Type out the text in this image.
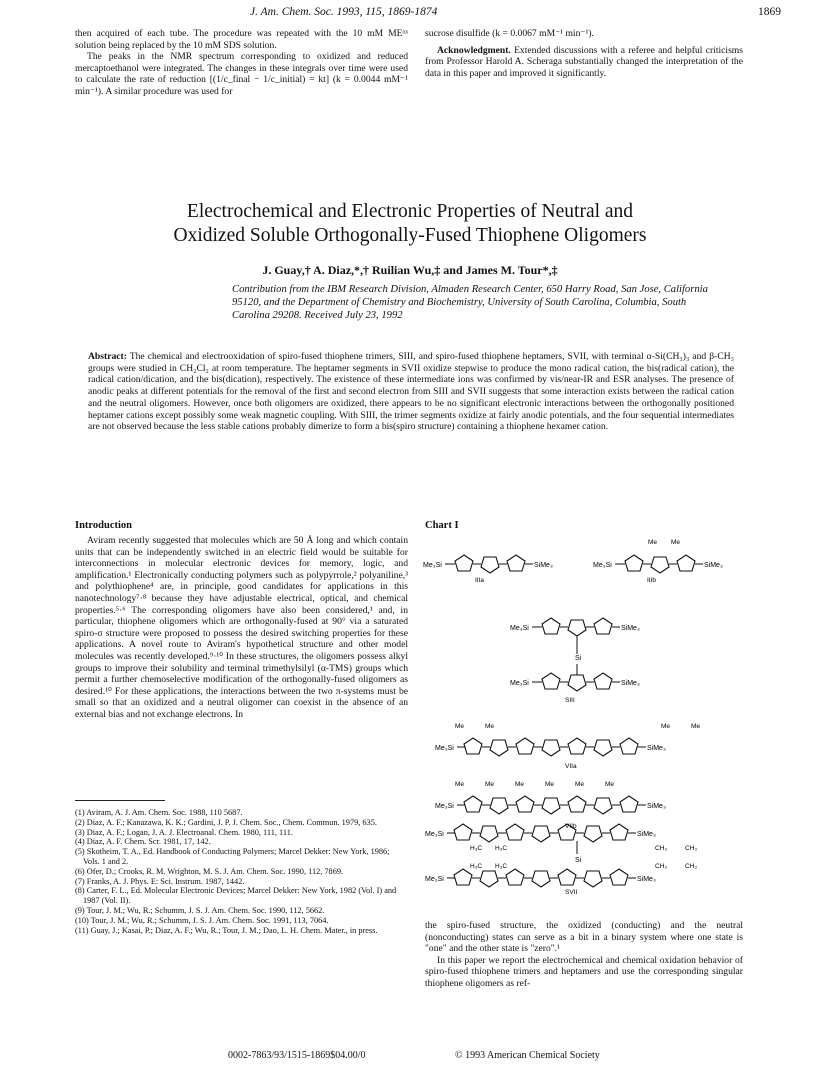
J. Am. Chem. Soc. 1993, 115, 1869-1874	1869

then acquired of each tube. The procedure was repeated with the 10 mM MEᵒˣ solution being replaced by the 10 mM SDS solution.

The peaks in the NMR spectrum corresponding to oxidized and reduced mercaptoethanol were integrated. The changes in these integrals over time were used to calculate the rate of reduction [(1/c_final − 1/c_initial) = kt] (k = 0.0044 mM⁻¹ min⁻¹). A similar procedure was used for

sucrose disulfide (k = 0.0067 mM⁻¹ min⁻¹).

Acknowledgment. Extended discussions with a referee and helpful criticisms from Professor Harold A. Scheraga substantially changed the interpretation of the data in this paper and improved it significantly.

Electrochemical and Electronic Properties of Neutral and Oxidized Soluble Orthogonally-Fused Thiophene Oligomers
J. Guay,† A. Diaz,*,† Ruilian Wu,‡ and James M. Tour*,‡
Contribution from the IBM Research Division, Almaden Research Center, 650 Harry Road, San Jose, California 95120, and the Department of Chemistry and Biochemistry, University of South Carolina, Columbia, South Carolina 29208. Received July 23, 1992
Abstract: The chemical and electrooxidation of spiro-fused thiophene trimers, SIII, and spiro-fused thiophene heptamers, SVII, with terminal α-Si(CH₃)₃ and β-CH₃ groups were studied in CH₂Cl₂ at room temperature. The heptamer segments in SVII oxidize stepwise to produce the mono radical cation, the bis(radical cation), the radical cation/dication, and the bis(dication), respectively. The existence of these intermediate ions was confirmed by vis/near-IR and ESR analyses. The presence of anodic peaks at different potentials for the removal of the first and second electron from SIII and SVII suggests that some interaction exists between the radical cation and the neutral oligomers. However, once both oligomers are oxidized, there appears to be no significant electronic interactions between the orthogonally positioned heptamer cations except possibly some weak magnetic coupling. With SIII, the trimer segments oxidize at fairly anodic potentials, and the four sequential intermediates are not observed because the less stable cations probably dimerize to form a bis(spiro structure) containing a thiophene hexamer cation.
Introduction

Aviram recently suggested that molecules which are 50 Å long and which contain units that can be independently switched in an electric field would be suitable for interconnections in molecular electronic devices for memory, logic, and amplification.¹ Electronically conducting polymers such as polypyrrole,² polyaniline,³ and polythiophene⁴ are, in principle, good candidates for applications in this nanotechnology⁷·⁸ because they have adjustable electrical, optical, and chemical properties.⁵·⁶ The corresponding oligomers have also been considered,¹ and, in particular, thiophene oligomers which are orthogonally-fused at 90° via a saturated spiro-σ structure were proposed to possess the desired switching properties for these applications. A novel route to Aviram's hypothetical structure and other model molecules was recently developed.⁹·¹⁰ In these structures, the oligomers possess alkyl groups to improve their solubility and terminal trimethylsilyl (α-TMS) groups which permit a further chemoselective modification of the orthogonally-fused oligomers as desired.¹⁰ For these applications, the interactions between the two π-systems must be small so that an oxidized and a neutral oligomer can coexist in the absence of an external bias and not exchange electrons. In

(1) Aviram, A. J. Am. Chem. Soc. 1988, 110 5687.

(2) Diaz, A. F.; Kanazawa, K. K.; Gardini, J. P. J. Chem. Soc., Chem. Commun. 1979, 635.

(3) Diaz, A. F.; Logan, J. A. J. Electroanal. Chem. 1980, 111, 111.

(4) Diaz, A. F. Chem. Scr. 1981, 17, 142.

(5) Skotheim, T. A., Ed. Handbook of Conducting Polymers; Marcel Dekker: New York, 1986; Vols. 1 and 2.

(6) Ofer, D.; Crooks, R. M. Wrighton, M. S. J. Am. Chem. Soc. 1990, 112, 7869.

(7) Franks, A. J. Phys. E: Sci. Instrum. 1987, 1442.

(8) Carter, F. L., Ed. Molecular Electronic Devices; Marcel Dekker: New York, 1982 (Vol. I) and 1987 (Vol. II).

(9) Tour, J. M.; Wu, R.; Schumm, J. S. J. Am. Chem. Soc. 1990, 112, 5662.

(10) Tour, J. M.; Wu, R.; Schumm, J. S. J. Am. Chem. Soc. 1991, 113, 7064.

(11) Guay, J.; Kasai, P.; Diaz, A. F.; Wu, R.; Tour, J. M.; Dao, L. H. Chem. Mater., in press.

Chart I
Me₃Si	SiMe₃
IIIa
Me₃Si	SiMe₃
Me Me
IIIb
Me₃Si	SiMe₃
Si
Me₃Si	SiMe₃
SIII
Me₃Si	SiMe₃
Me	Me	Me	Me
VIIa
Me₃Si	SiMe₃
Me	Me	Me	Me	Me	Me
VIIb
Me₃Si	SiMe₃
H₃C H₃C	CH₃	CH₃
Si
H₃C H₃C	CH₃	CH₃
Me₃Si	SiMe₃
SVII

the spiro-fused structure, the oxidized (conducting) and the neutral (nonconducting) states can serve as a bit in a binary system where one state is "one" and the other state is "zero".¹

In this paper we report the electrochemical and chemical oxidation behavior of spiro-fused thiophene trimers and heptamers and use the corresponding singular thiophene oligomers as ref-

0002-7863/93/1515-1869$04.00/0	© 1993 American Chemical Society
